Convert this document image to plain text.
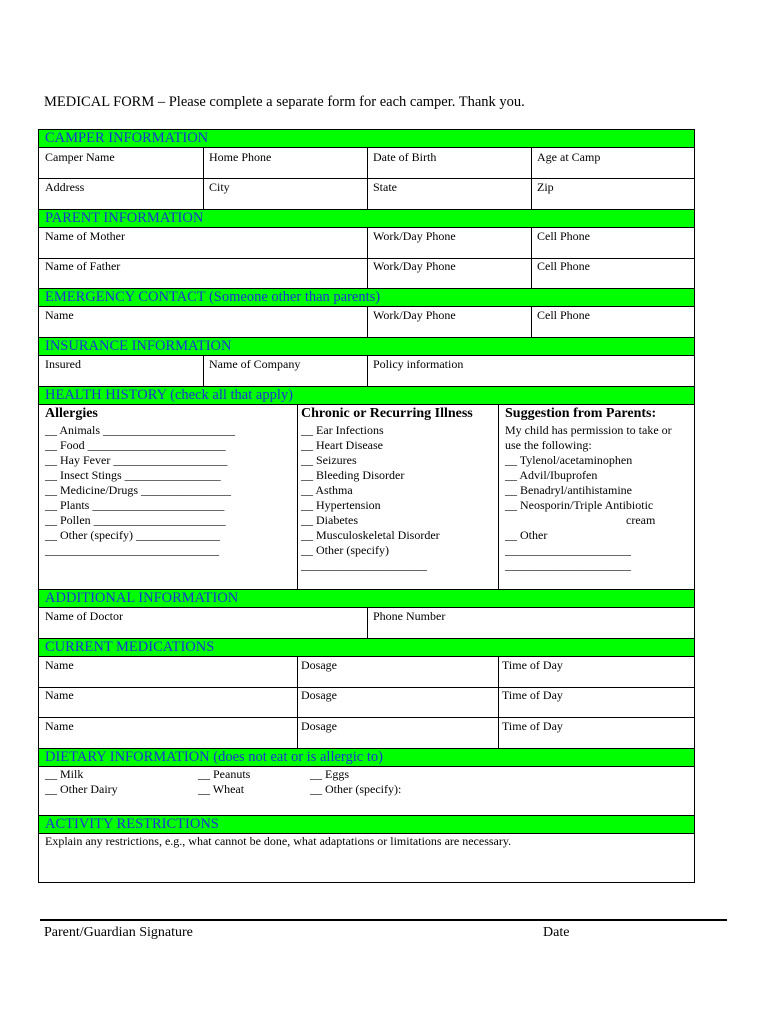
MEDICAL FORM – Please complete a separate form for each camper. Thank you.
CAMPER INFORMATION
Camper Name	Home Phone	Date of Birth	Age at Camp
Address	City	State	Zip
PARENT INFORMATION
Name of Mother	Work/Day Phone	Cell Phone
Name of Father	Work/Day Phone	Cell Phone
EMERGENCY CONTACT (Someone other than parents)
Name	Work/Day Phone	Cell Phone
INSURANCE INFORMATION
Insured	Name of Company	Policy information
HEALTH HISTORY (check all that apply)
Allergies
__ Animals ______________________
__ Food _______________________
__ Hay Fever ___________________
__ Insect Stings ________________
__ Medicine/Drugs _______________
__ Plants ______________________
__ Pollen ______________________
__ Other (specify) ______________
_____________________________
Chronic or Recurring Illness
__ Ear Infections
__ Heart Disease
__ Seizures
__ Bleeding Disorder
__ Asthma
__ Hypertension
__ Diabetes
__ Musculoskeletal Disorder
__ Other (specify)
_____________________
Suggestion from Parents:
My child has permission to take or
use the following:
__ Tylenol/acetaminophen
__ Advil/Ibuprofen
__ Benadryl/antihistamine
__ Neosporin/Triple Antibiotic
cream
__ Other
_____________________
_____________________
ADDITIONAL INFORMATION
Name of Doctor	Phone Number
CURRENT MEDICATIONS
Name	Dosage	Time of Day
Name	Dosage	Time of Day
Name	Dosage	Time of Day
DIETARY INFORMATION (does not eat or is allergic to)
__ Milk	__ Peanuts	__ Eggs
__ Other Dairy	__ Wheat	__ Other (specify):
ACTIVITY RESTRICTIONS
Explain any restrictions, e.g., what cannot be done, what adaptations or limitations are necessary.
Parent/Guardian Signature	Date
